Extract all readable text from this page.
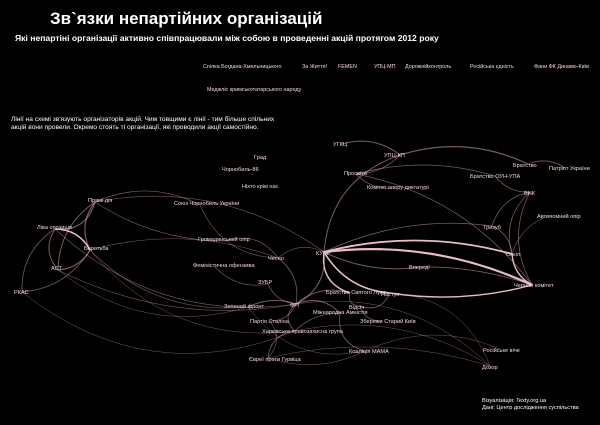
Зв`язки непартійних організацій
Які непартіні організації активно співпрацювали між собою в проведенні акцій протягом 2012 року
Лінії на схемі зв'язують організаторів акцій. Чим товщими є лінії - тим більше спільних акцій вони провели. Окремо стоять ті організації, які проводили акції самостійно.
Спілка Богдана-Хмельницького	За Життя! FEMEN	УПЦ-МП Дорожнійконтроль	Російська єдність	Фани ФК Динамо-Київ
Меджліс кримськотатарського народу
Прямі дія
Ліва опозиція
Боротьба
АСТ
РКАС
Град
Чорнобиль-86
Ніхто крім нас
Союз Чорнобиль України
Громадянський опір
Чесно
Феміністична офензива
ЗУБР
Зелений фронт	ФРІ
Партія Сталіна
Харківська правозахисна група
Євреї проти Гурвіца
Коаліція МАМА
Міжнародна Амністія
Братство Святого Луки
Відсіч
Збережи Старий Київ
КУПР
Наступ
Вперед!
УГКЦ
УПЦ-КП
Просвіта
Комітет опору диктатурі
Братство Патріот України
Братство ОУН-УПА
ВНК
Автономний опір
Тризуб
Сокіл
Черний комітет
Російське віче
Дозор
Візуалізація: Texty.org.ua
Дані: Центр дослідження суспільства
